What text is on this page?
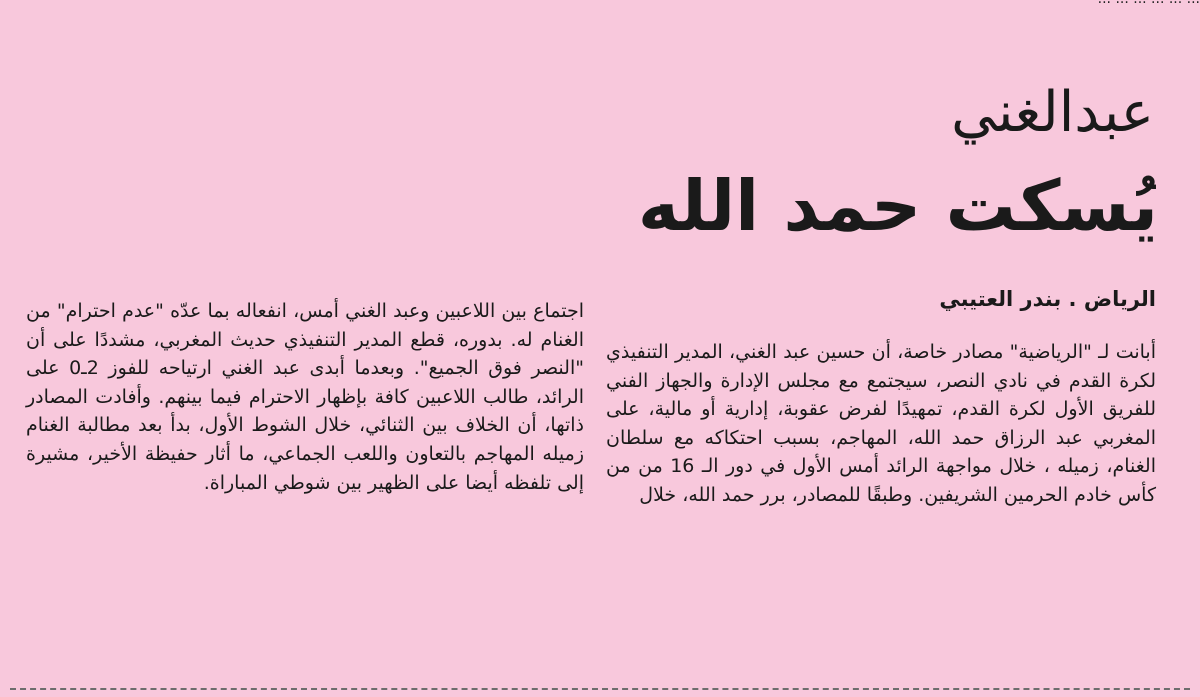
عبدالغني
يُسكت حمد الله
الرياض . بندر العتيبي

أبانت لـ "الرياضية" مصادر خاصة، أن حسين عبد الغني، المدير التنفيذي لكرة القدم في نادي النصر، سيجتمع مع مجلس الإدارة والجهاز الفني للفريق الأول لكرة القدم، تمهيدًا لفرض عقوبة، إدارية أو مالية، على المغربي عبد الرزاق حمد الله، المهاجم، بسبب احتكاكه مع سلطان الغنام، زميله ، خلال مواجهة الرائد أمس الأول في دور الـ 16 من من كأس خادم الحرمين الشريفين. وطبقًا للمصادر، برر حمد الله، خلال

اجتماع بين اللاعبين وعبد الغني أمس، انفعاله بما عدّه "عدم احترام" من الغنام له. بدوره، قطع المدير التنفيذي حديث المغربي، مشددًا على أن "النصر فوق الجميع". وبعدما أبدى عبد الغني ارتياحه للفوز 2ـ0 على الرائد، طالب اللاعبين كافة بإظهار الاحترام فيما بينهم. وأفادت المصادر ذاتها، أن الخلاف بين الثنائي، خلال الشوط الأول، بدأ بعد مطالبة الغنام زميله المهاجم بالتعاون واللعب الجماعي، ما أثار حفيظة الأخير، مشيرة إلى تلفظه أيضا على الظهير بين شوطي المباراة.
